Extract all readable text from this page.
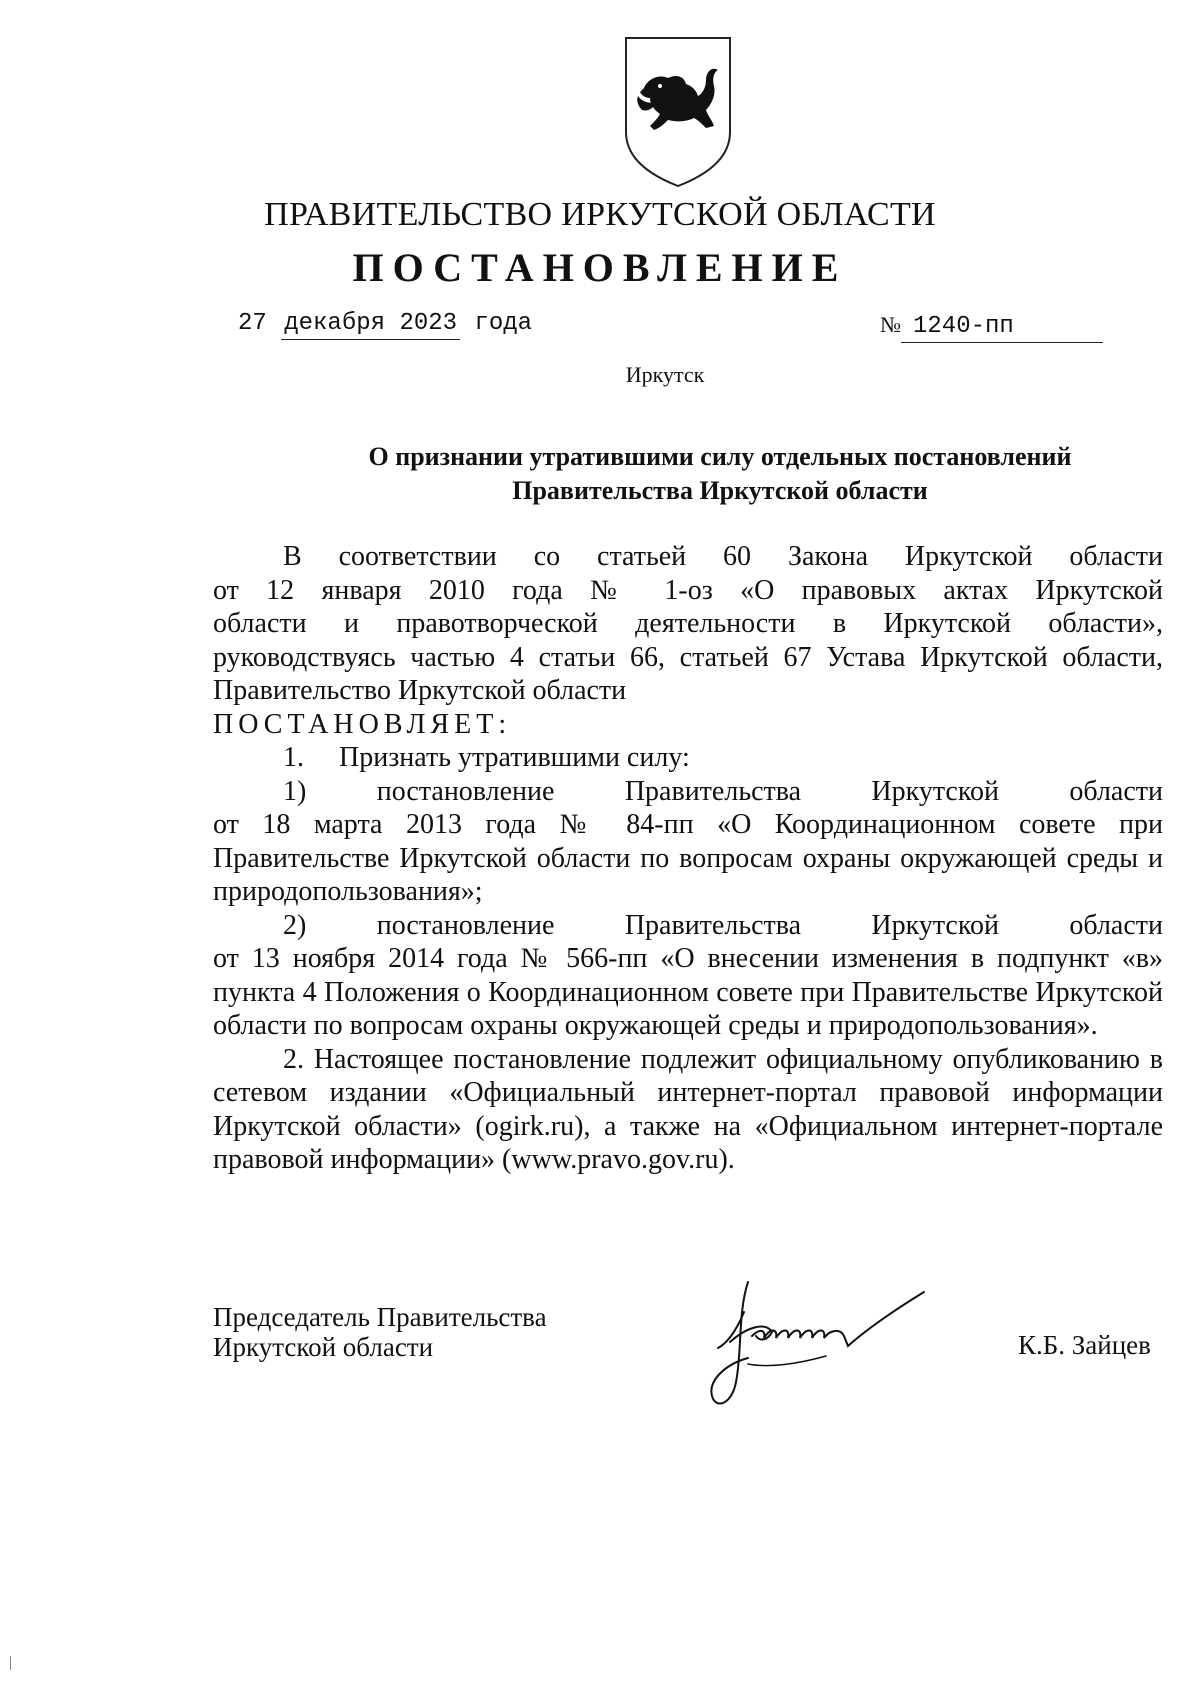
ПРАВИТЕЛЬСТВО ИРКУТСКОЙ ОБЛАСТИ
ПОСТАНОВЛЕНИЕ
27 декабря 2023 года	№ 1240-пп
Иркутск
О признании утратившими силу отдельных постановлений
Правительства Иркутской области

В соответствии со статьей 60 Закона Иркутской области

от 12 января 2010 года № 1-оз «О правовых актах Иркутской

области и правотворческой деятельности в Иркутской области»,

руководствуясь частью 4 статьи 66, статьей 67 Устава Иркутской области,

Правительство Иркутской области

ПОСТАНОВЛЯЕТ:

1.     Признать утратившими силу:

1) постановление Правительства Иркутской области

от 18 марта 2013 года № 84-пп «О Координационном совете при Правительстве Иркутской области по вопросам охраны окружающей среды и природопользования»;

2) постановление Правительства Иркутской области

от 13 ноября 2014 года № 566-пп «О внесении изменения в подпункт «в» пункта 4 Положения о Координационном совете при Правительстве Иркутской области по вопросам охраны окружающей среды и природопользования».

2. Настоящее постановление подлежит официальному опубликованию в сетевом издании «Официальный интернет-портал правовой информации Иркутской области» (ogirk.ru), а также на «Официальном интернет-портале правовой информации» (www.pravo.gov.ru).

Председатель Правительства
Иркутской области	К.Б. Зайцев
